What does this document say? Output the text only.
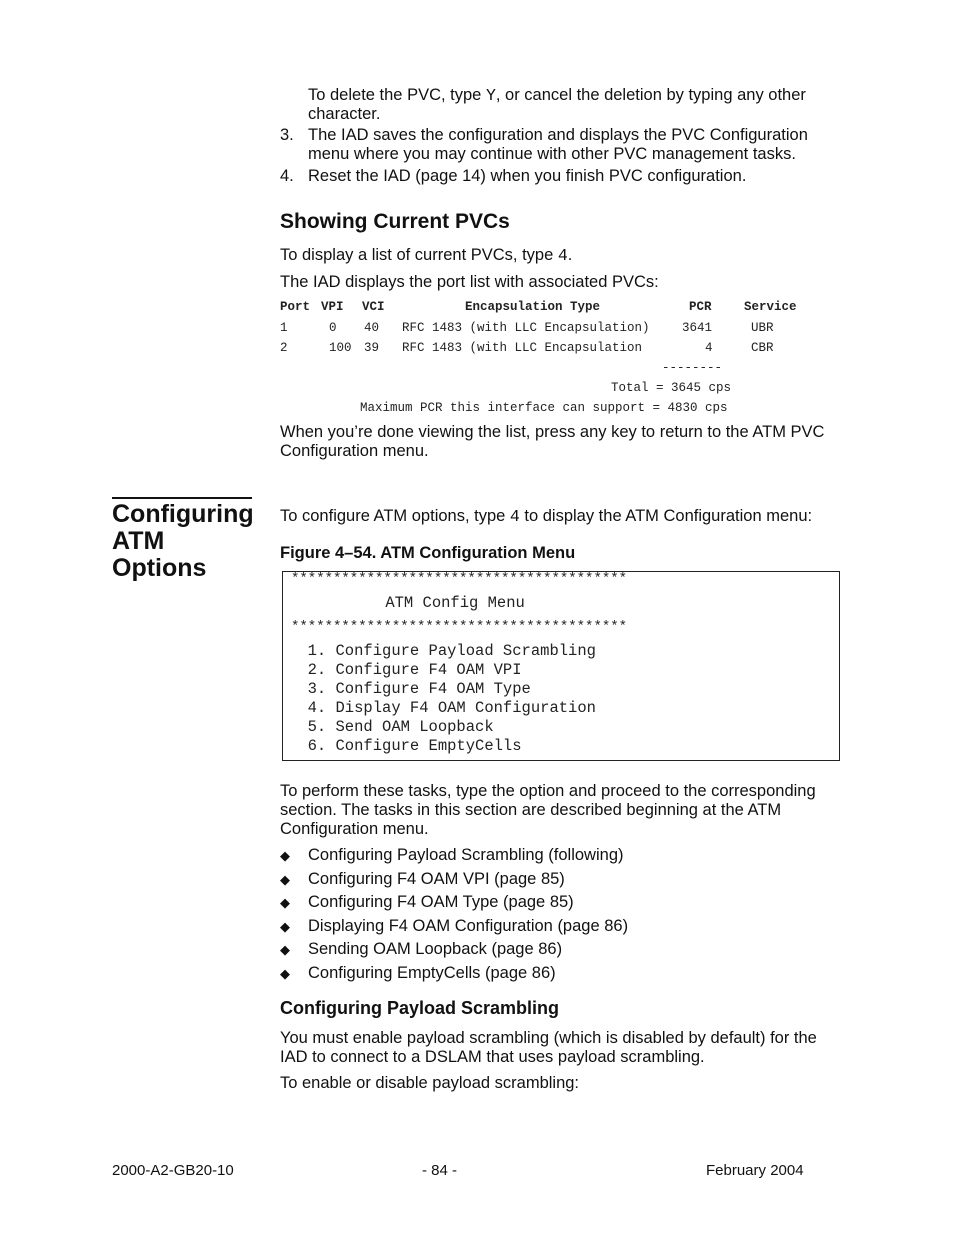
To delete the PVC, type Y, or cancel the deletion by typing any other
character.
3. The IAD saves the configuration and displays the PVC Configuration
menu where you may continue with other PVC management tasks.
4. Reset the IAD (page 14) when you finish PVC configuration.
Showing Current PVCs
To display a list of current PVCs, type 4.
The IAD displays the port list with associated PVCs:
Port VPI VCI	Encapsulation Type	PCR	Service
1	0 40 RFC 1483 (with LLC Encapsulation)	3641	UBR
2	100 39 RFC 1483 (with LLC Encapsulation	4	CBR
--------
Total = 3645 cps
Maximum PCR this interface can support = 4830 cps
When you’re done viewing the list, press any key to return to the ATM PVC
Configuration menu.
Configuring
ATM
Options
To configure ATM options, type 4 to display the ATM Configuration menu:
Figure 4–54. ATM Configuration Menu
****************************************
ATM Config Menu
****************************************
1. Configure Payload Scrambling
2. Configure F4 OAM VPI
3. Configure F4 OAM Type
4. Display F4 OAM Configuration
5. Send OAM Loopback
6. Configure EmptyCells
To perform these tasks, type the option and proceed to the corresponding
section. The tasks in this section are described beginning at the ATM
Configuration menu.
◆ Configuring Payload Scrambling (following)
◆ Configuring F4 OAM VPI (page 85)
◆ Configuring F4 OAM Type (page 85)
◆ Displaying F4 OAM Configuration (page 86)
◆ Sending OAM Loopback (page 86)
◆ Configuring EmptyCells (page 86)
Configuring Payload Scrambling
You must enable payload scrambling (which is disabled by default) for the
IAD to connect to a DSLAM that uses payload scrambling.
To enable or disable payload scrambling:
2000-A2-GB20-10	- 84 -	February 2004
